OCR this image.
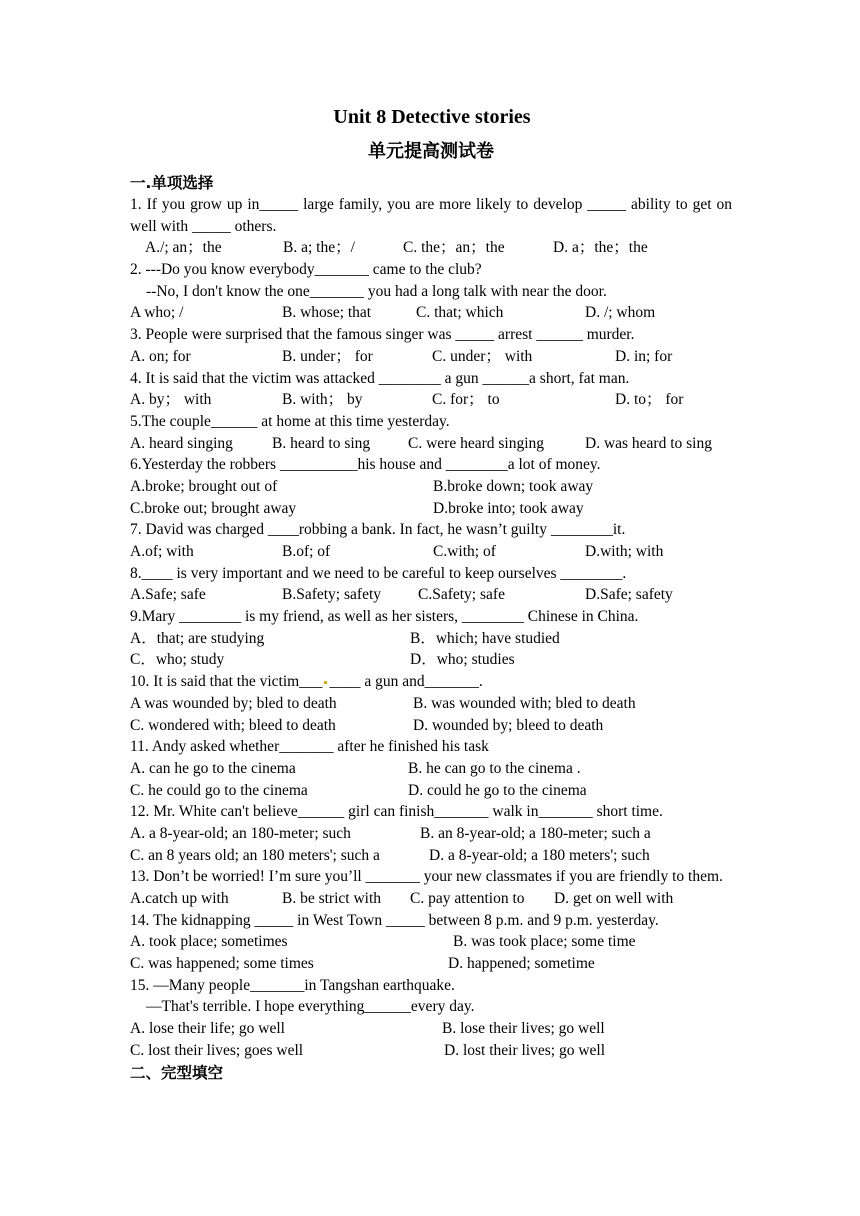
Unit 8 Detective stories
单元提高测试卷
一.单项选择
1. If you grow up in_____ large family, you are more likely to develop _____ ability to get on well with _____ others.
A./; an；the	B. a; the；/	C. the；an；the	D. a；the；the
2. ---Do you know everybody_______ came to the club?
--No, I don't know the one_______ you had a long talk with near the door.
A who; /	B. whose; that	C. that; which	D. /; whom
3. People were surprised that the famous singer was _____ arrest ______ murder.
A. on; for	B. under； for	C. under； with	D. in; for
4. It is said that the victim was attacked ________ a gun ______a short, fat man.
A. by； with	B. with； by	C. for； to	D. to； for
5.The couple______ at home at this time yesterday.
A. heard singing	B. heard to sing C. were heard singing	D. was heard to sing
6.Yesterday the robbers __________his house and ________a lot of money.
A.broke; brought out of	B.broke down; took away
C.broke out; brought away	D.broke into; took away
7. David was charged ____robbing a bank. In fact, he wasn’t guilty ________it.
A.of; with	B.of; of	C.with; of	D.with; with
8.____ is very important and we need to be careful to keep ourselves ________.
A.Safe; safe	B.Safety; safety C.Safety; safe	D.Safe; safety
9.Mary ________ is my friend, as well as her sisters, ________ Chinese in China.
A．that; are studying	B．which; have studied
C．who; study	D．who; studies
10. It is said that the victim___ ____ a gun and_______.
A was wounded by; bled to death	B. was wounded with; bled to death
C. wondered with; bleed to death	D. wounded by; bleed to death
11. Andy asked whether_______ after he finished his task
A. can he go to the cinema	B. he can go to the cinema .
C. he could go to the cinema	D. could he go to the cinema
12. Mr. White can't believe______ girl can finish_______ walk in_______ short time.
A. a 8-year-old; an 180-meter; such	B. an 8-year-old; a 180-meter; such a
C. an 8 years old; an 180 meters'; such a	D. a 8-year-old; a 180 meters'; such
13. Don’t be worried! I’m sure you’ll _______ your new classmates if you are friendly to them.
A.catch up with	B. be strict with C. pay attention to D. get on well with
14. The kidnapping _____ in West Town _____ between 8 p.m. and 9 p.m. yesterday.
A. took place; sometimes	B. was took place; some time
C. was happened; some times	D. happened; sometime
15. —Many people_______in Tangshan earthquake.
—That's terrible. I hope everything______every day.
A. lose their life; go well	B. lose their lives; go well
C. lost their lives; goes well	D. lost their lives; go well
二、完型填空
